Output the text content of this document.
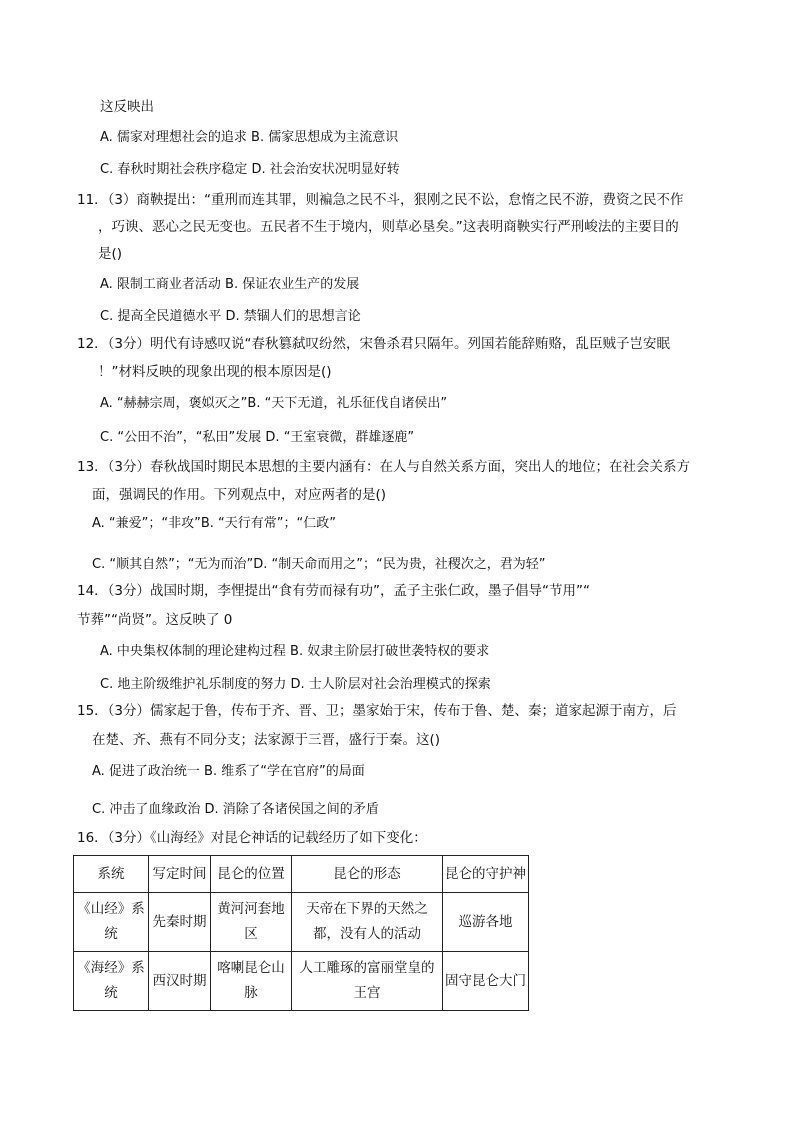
这反映出
A. 儒家对理想社会的追求 B. 儒家思想成为主流意识
C. 春秋时期社会秩序稳定 D. 社会治安状况明显好转
11．（3）商鞅提出：“重刑而连其罪，则褊急之民不斗，狠刚之民不讼，怠惰之民不游，费资之民不作
，巧谀、恶心之民无变也。五民者不生于境内，则草必垦矣。”这表明商鞅实行严刑峻法的主要目的
是()
A. 限制工商业者活动 B. 保证农业生产的发展
C. 提高全民道德水平 D. 禁锢人们的思想言论
12．（3分）明代有诗感叹说“春秋篡弑叹纷然，宋鲁杀君只隔年。列国若能辞贿赂，乱臣贼子岂安眠
！”材料反映的现象出现的根本原因是()
A. “赫赫宗周，褒姒灭之”B. “天下无道，礼乐征伐自诸侯出”
C. “公田不治”，“私田”发展 D. “王室衰微，群雄逐鹿”
13．（3分）春秋战国时期民本思想的主要内涵有：在人与自然关系方面，突出人的地位；在社会关系方
面，强调民的作用。下列观点中，对应两者的是()
A. “兼爱”；“非攻”B. “天行有常”；“仁政”
C. “顺其自然”；“无为而治”D. “制天命而用之”；“民为贵，社稷次之，君为轻”
14．（3分）战国时期，李悝提出“食有劳而禄有功”，孟子主张仁政，墨子倡导“节用”“
节葬”“尚贤”。这反映了 0
A. 中央集权体制的理论建构过程 B. 奴隶主阶层打破世袭特权的要求
C. 地主阶级维护礼乐制度的努力 D. 士人阶层对社会治理模式的探索
15．（3分）儒家起于鲁，传布于齐、晋、卫；墨家始于宋，传布于鲁、楚、秦；道家起源于南方，后
在楚、齐、燕有不同分支；法家源于三晋，盛行于秦。这()
A. 促进了政治统一 B. 维系了“学在官府”的局面
C. 冲击了血缘政治 D. 消除了各诸侯国之间的矛盾
16．（3分）《山海经》对昆仑神话的记载经历了如下变化：
系统	写定时间	昆仑的位置	昆仑的形态	昆仑的守护神
《山经》系统	先秦时期	黄河河套地区	天帝在下界的天然之都，没有人的活动	巡游各地
《海经》系统	西汉时期	喀喇昆仑山脉	人工雕琢的富丽堂皇的王宫	固守昆仑大门
